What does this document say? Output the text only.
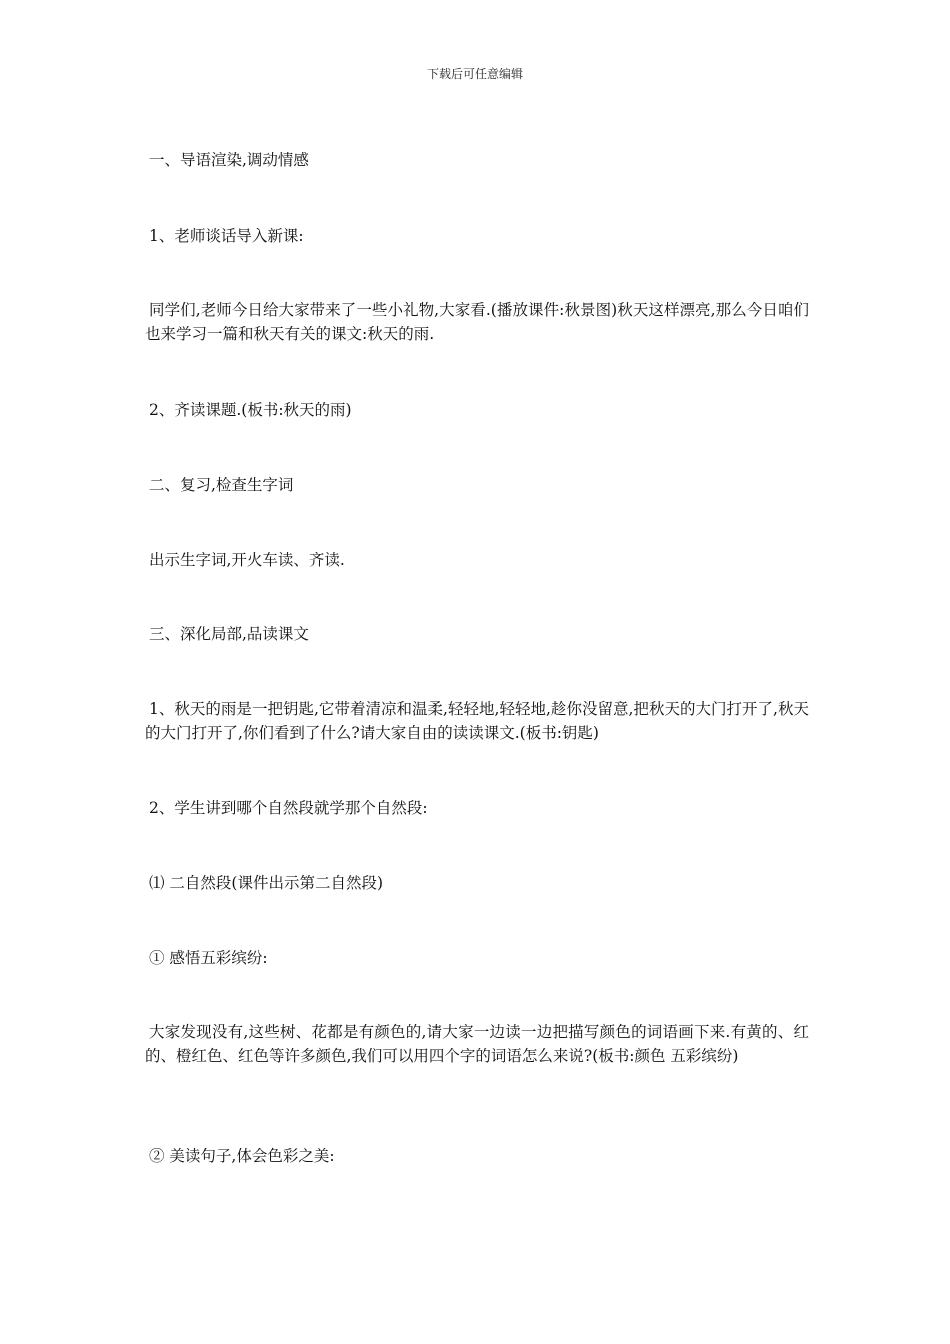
下载后可任意编辑

一、导语渲染,调动情感

1、老师谈话导入新课:

同学们,老师今日给大家带来了一些小礼物,大家看.(播放课件:秋景图)秋天这样漂亮,那么今日咱们也来学习一篇和秋天有关的课文:秋天的雨.

2、齐读课题.(板书:秋天的雨)

二、复习,检查生字词

出示生字词,开火车读、齐读.

三、深化局部,品读课文

1、秋天的雨是一把钥匙,它带着清凉和温柔,轻轻地,轻轻地,趁你没留意,把秋天的大门打开了,秋天的大门打开了,你们看到了什么?请大家自由的读读课文.(板书:钥匙)

2、学生讲到哪个自然段就学那个自然段:

⑴ 二自然段(课件出示第二自然段)

① 感悟五彩缤纷:

大家发现没有,这些树、花都是有颜色的,请大家一边读一边把描写颜色的词语画下来.有黄的、红的、橙红色、红色等许多颜色,我们可以用四个字的词语怎么来说?(板书:颜色 五彩缤纷)

② 美读句子,体会色彩之美:
